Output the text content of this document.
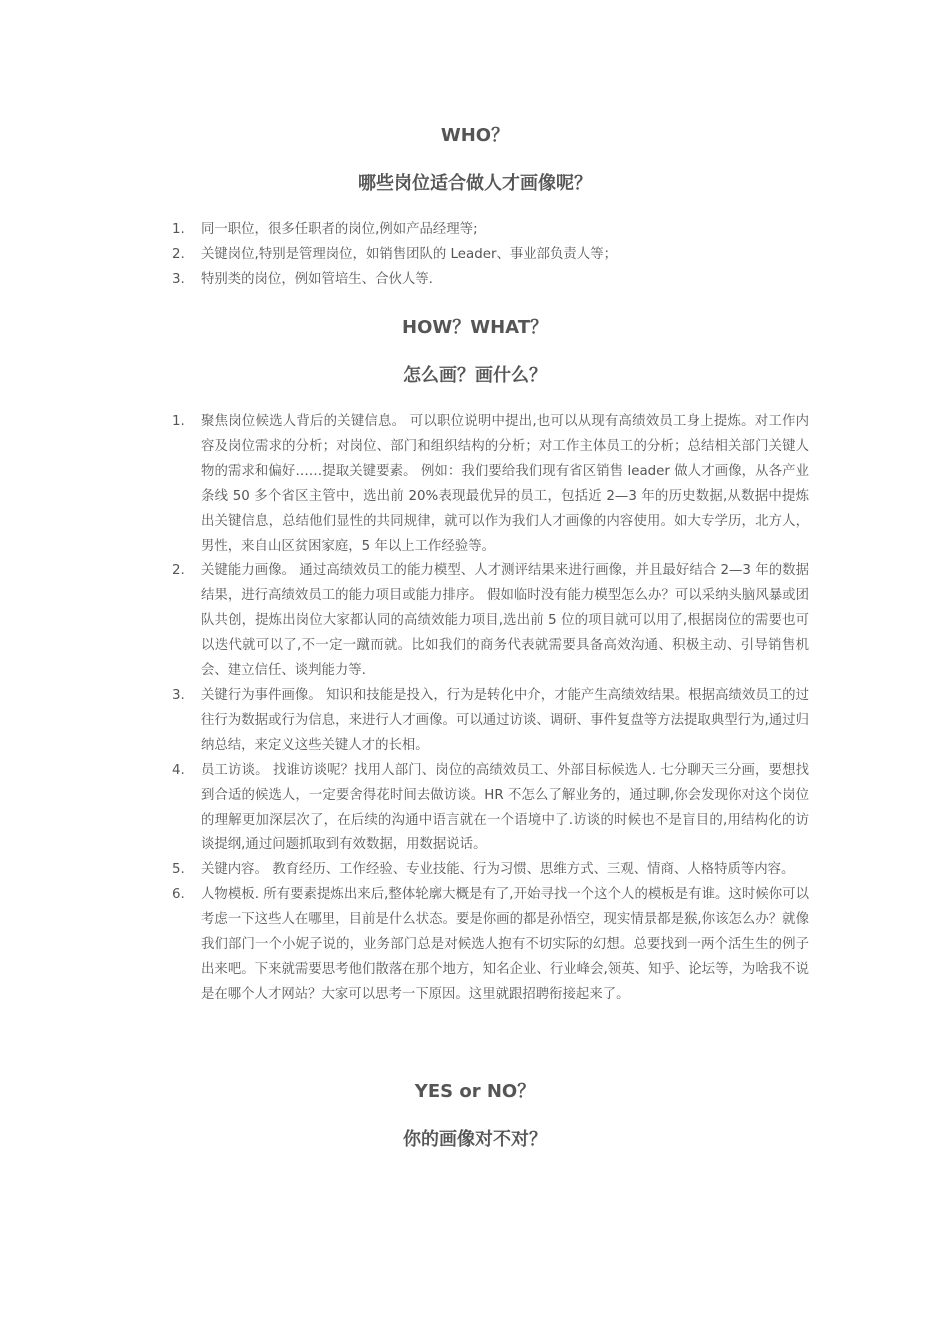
WHO？
哪些岗位适合做人才画像呢？
1. 同一职位，很多任职者的岗位,例如产品经理等;
2. 关键岗位,特别是管理岗位，如销售团队的 Leader、事业部负责人等；
3. 特别类的岗位，例如管培生、合伙人等.
HOW？WHAT？
怎么画？画什么？
1. 聚焦岗位候选人背后的关键信息。 可以职位说明中提出,也可以从现有高绩效员工身上提炼。对工作内容及岗位需求的分析；对岗位、部门和组织结构的分析；对工作主体员工的分析；总结相关部门关键人物的需求和偏好……提取关键要素。 例如：我们要给我们现有省区销售 leader 做人才画像，从各产业条线 50 多个省区主管中，选出前 20%表现最优异的员工，包括近 2—3 年的历史数据,从数据中提炼出关键信息，总结他们显性的共同规律，就可以作为我们人才画像的内容使用。如大专学历，北方人，男性，来自山区贫困家庭，5 年以上工作经验等。
2. 关键能力画像。 通过高绩效员工的能力模型、人才测评结果来进行画像，并且最好结合 2—3 年的数据结果，进行高绩效员工的能力项目或能力排序。 假如临时没有能力模型怎么办？可以采纳头脑风暴或团队共创，提炼出岗位大家都认同的高绩效能力项目,选出前 5 位的项目就可以用了,根据岗位的需要也可以迭代就可以了,不一定一蹴而就。比如我们的商务代表就需要具备高效沟通、积极主动、引导销售机会、建立信任、谈判能力等.
3. 关键行为事件画像。 知识和技能是投入，行为是转化中介，才能产生高绩效结果。根据高绩效员工的过往行为数据或行为信息，来进行人才画像。可以通过访谈、调研、事件复盘等方法提取典型行为,通过归纳总结，来定义这些关键人才的长相。
4. 员工访谈。 找谁访谈呢？找用人部门、岗位的高绩效员工、外部目标候选人. 七分聊天三分画，要想找到合适的候选人，一定要舍得花时间去做访谈。HR 不怎么了解业务的，通过聊,你会发现你对这个岗位的理解更加深层次了，在后续的沟通中语言就在一个语境中了.访谈的时候也不是盲目的,用结构化的访谈提纲,通过问题抓取到有效数据，用数据说话。
5. 关键内容。 教育经历、工作经验、专业技能、行为习惯、思维方式、三观、情商、人格特质等内容。
6. 人物模板. 所有要素提炼出来后,整体轮廓大概是有了,开始寻找一个这个人的模板是有谁。这时候你可以考虑一下这些人在哪里，目前是什么状态。要是你画的都是孙悟空，现实情景都是猴,你该怎么办？就像我们部门一个小妮子说的，业务部门总是对候选人抱有不切实际的幻想。总要找到一两个活生生的例子出来吧。下来就需要思考他们散落在那个地方，知名企业、行业峰会,领英、知乎、论坛等，为啥我不说是在哪个人才网站？大家可以思考一下原因。这里就跟招聘衔接起来了。
YES or NO？
你的画像对不对？
